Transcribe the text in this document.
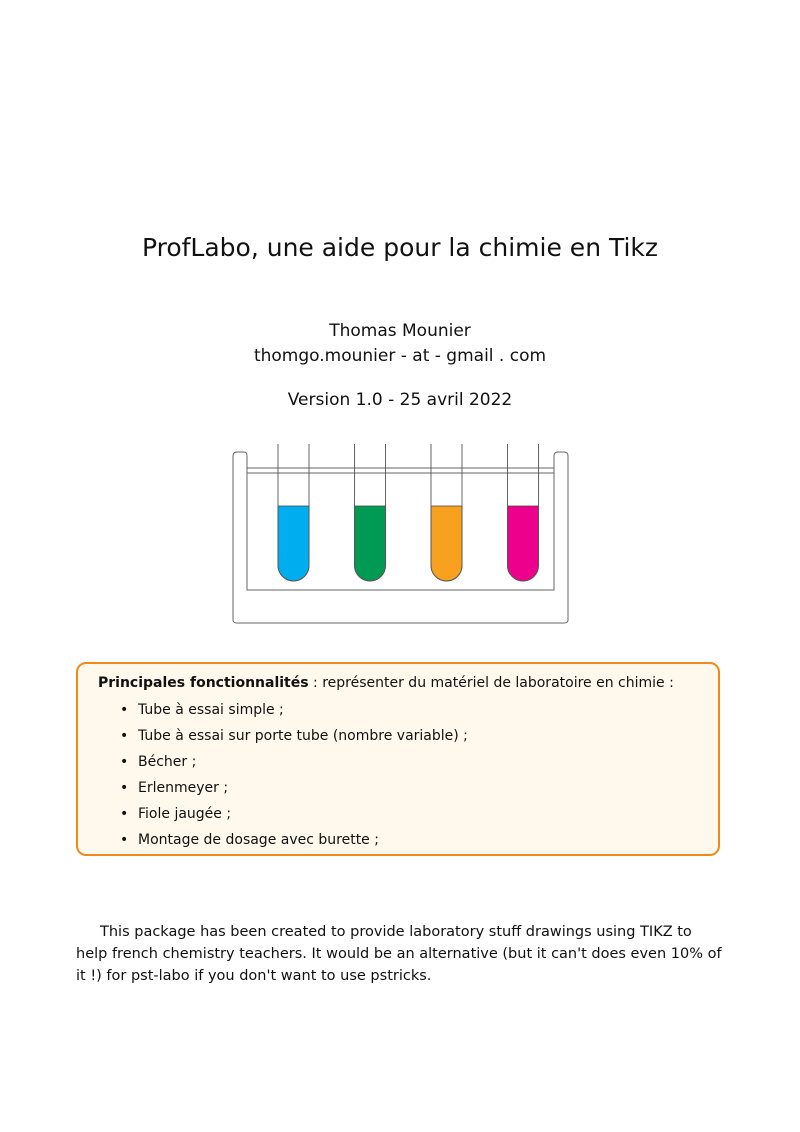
ProfLabo, une aide pour la chimie en Tikz
Thomas Mounier
thomgo.mounier - at - gmail . com
Version 1.0 - 25 avril 2022
Principales fonctionnalités : représenter du matériel de laboratoire en chimie :
• Tube à essai simple ;
• Tube à essai sur porte tube (nombre variable) ;
• Bécher ;
• Erlenmeyer ;
• Fiole jaugée ;
• Montage de dosage avec burette ;

This package has been created to provide laboratory stuff drawings using TIKZ to help french chemistry teachers. It would be an alternative (but it can't does even 10% of it !) for pst-labo if you don't want to use pstricks.
